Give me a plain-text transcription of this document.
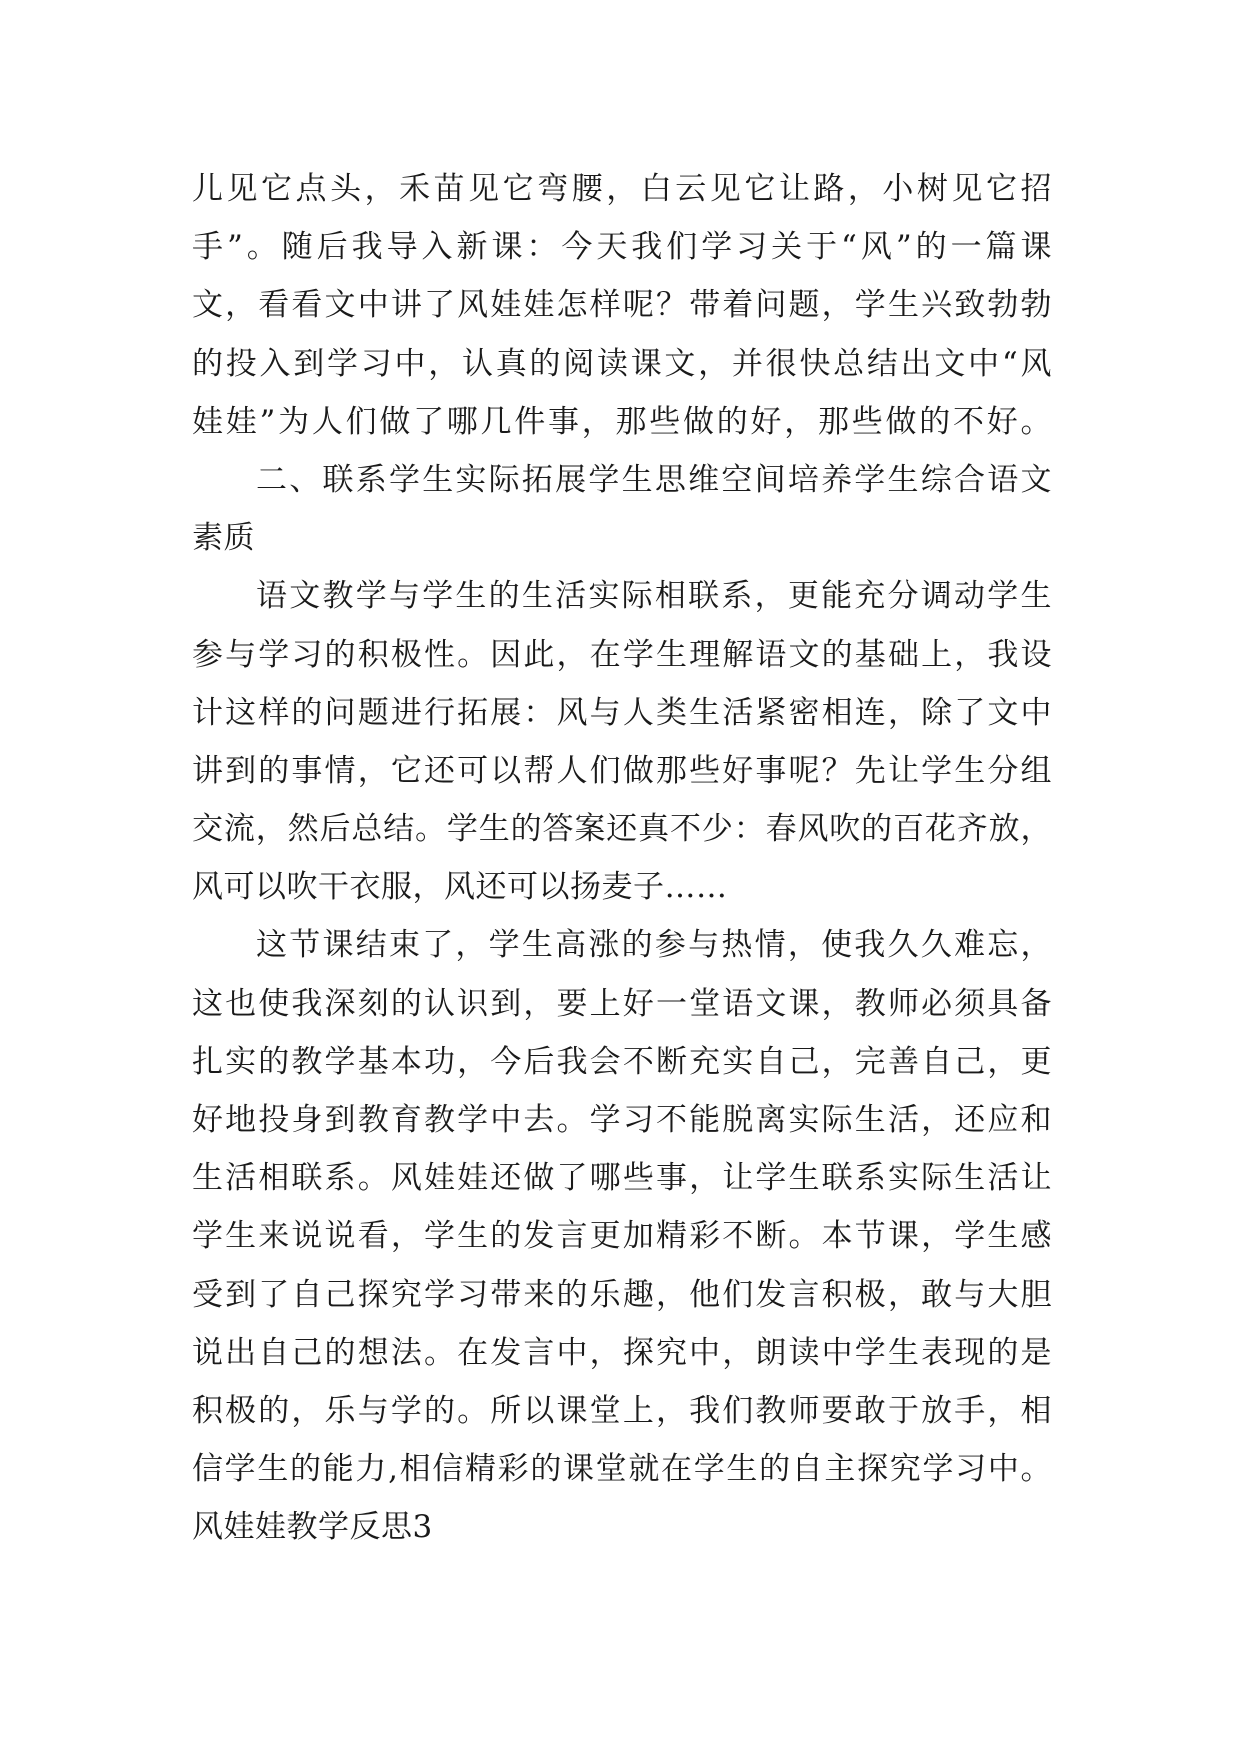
儿见它点头，禾苗见它弯腰，白云见它让路，小树见它招
手”。随后我导入新课：今天我们学习关于“风”的一篇课
文，看看文中讲了风娃娃怎样呢？带着问题，学生兴致勃勃
的投入到学习中，认真的阅读课文，并很快总结出文中“风
娃娃”为人们做了哪几件事，那些做的好，那些做的不好。
二、联系学生实际拓展学生思维空间培养学生综合语文
素质
语文教学与学生的生活实际相联系，更能充分调动学生
参与学习的积极性。因此，在学生理解语文的基础上，我设
计这样的问题进行拓展：风与人类生活紧密相连，除了文中
讲到的事情，它还可以帮人们做那些好事呢？先让学生分组
交流，然后总结。学生的答案还真不少：春风吹的百花齐放，
风可以吹干衣服，风还可以扬麦子……
这节课结束了，学生高涨的参与热情，使我久久难忘，
这也使我深刻的认识到，要上好一堂语文课，教师必须具备
扎实的教学基本功，今后我会不断充实自己，完善自己，更
好地投身到教育教学中去。学习不能脱离实际生活，还应和
生活相联系。风娃娃还做了哪些事，让学生联系实际生活让
学生来说说看，学生的发言更加精彩不断。本节课，学生感
受到了自己探究学习带来的乐趣，他们发言积极，敢与大胆
说出自己的想法。在发言中，探究中，朗读中学生表现的是
积极的，乐与学的。所以课堂上，我们教师要敢于放手，相
信学生的能力,相信精彩的课堂就在学生的自主探究学习中。
风娃娃教学反思3
